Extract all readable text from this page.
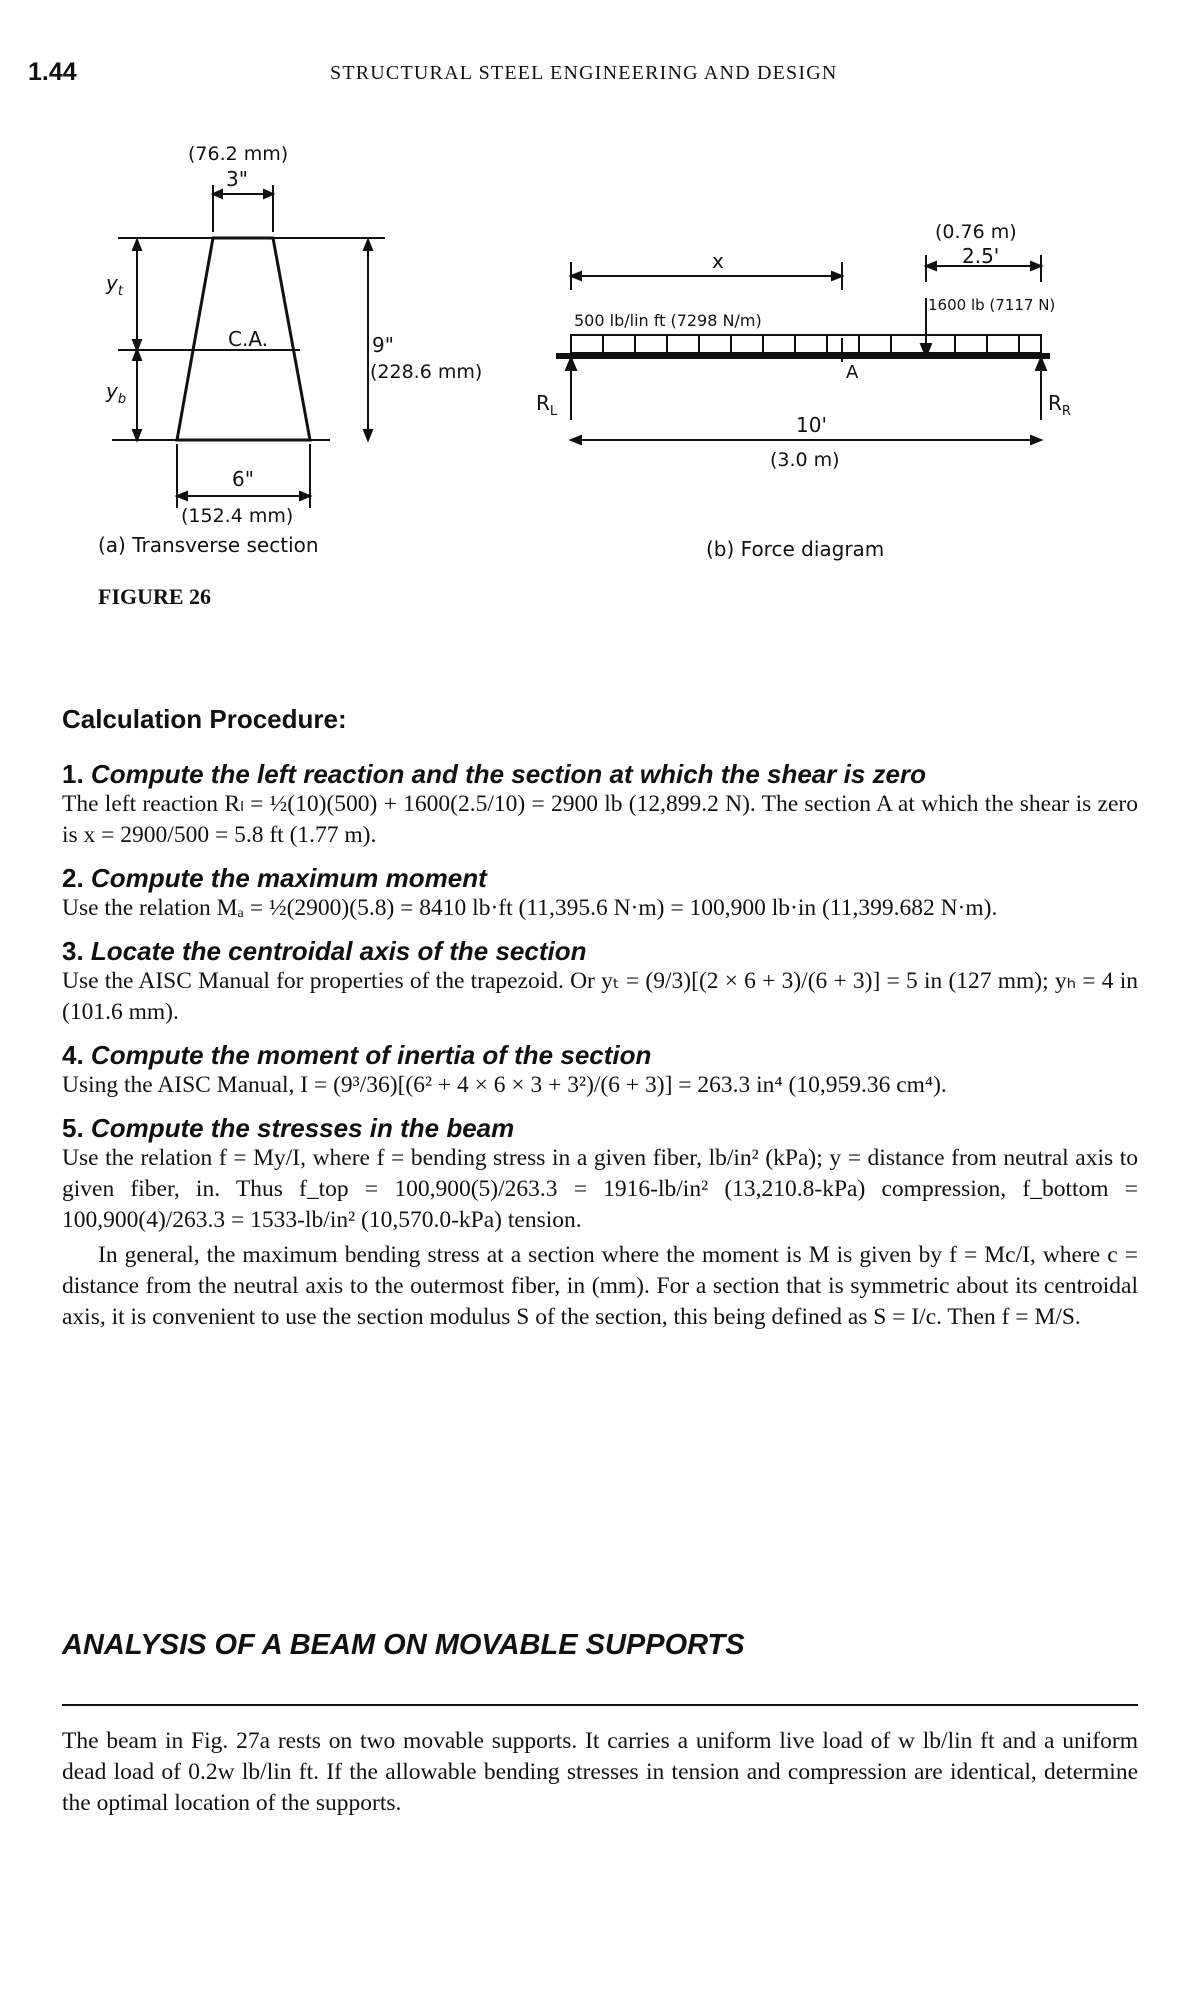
1.44	STRUCTURAL STEEL ENGINEERING AND DESIGN
(76.2 mm)
3"
$y_t$
$y_b$
C.A.	9"
(228.6 mm)
6"
(152.4 mm)
(a) Transverse section
x
(0.76 m)
2.5'
500 lb/lin ft (7298 N/m)
1600 lb (7117 N)
A
$R_L$	$R_R$
10'
(3.0 m)
(b) Force diagram
FIGURE 26
Calculation Procedure:
1. Compute the left reaction and the section at which the shear is zero

The left reaction Rₗ = ½(10)(500) + 1600(2.5/10) = 2900 lb (12,899.2 N). The section A at which the shear is zero is x = 2900/500 = 5.8 ft (1.77 m).

2. Compute the maximum moment

Use the relation Mₐ = ½(2900)(5.8) = 8410 lb·ft (11,395.6 N·m) = 100,900 lb·in (11,399.682 N·m).

3. Locate the centroidal axis of the section

Use the AISC Manual for properties of the trapezoid. Or yₜ = (9/3)[(2 × 6 + 3)/(6 + 3)] = 5 in (127 mm); yₕ = 4 in (101.6 mm).

4. Compute the moment of inertia of the section

Using the AISC Manual, I = (9³/36)[(6² + 4 × 6 × 3 + 3²)/(6 + 3)] = 263.3 in⁴ (10,959.36 cm⁴).

5. Compute the stresses in the beam

Use the relation f = My/I, where f = bending stress in a given fiber, lb/in² (kPa); y = distance from neutral axis to given fiber, in. Thus f_top = 100,900(5)/263.3 = 1916-lb/in² (13,210.8-kPa) compression, f_bottom = 100,900(4)/263.3 = 1533-lb/in² (10,570.0-kPa) tension.

In general, the maximum bending stress at a section where the moment is M is given by f = Mc/I, where c = distance from the neutral axis to the outermost fiber, in (mm). For a section that is symmetric about its centroidal axis, it is convenient to use the section modulus S of the section, this being defined as S = I/c. Then f = M/S.

ANALYSIS OF A BEAM ON MOVABLE SUPPORTS

The beam in Fig. 27a rests on two movable supports. It carries a uniform live load of w lb/lin ft and a uniform dead load of 0.2w lb/lin ft. If the allowable bending stresses in tension and compression are identical, determine the optimal location of the supports.
